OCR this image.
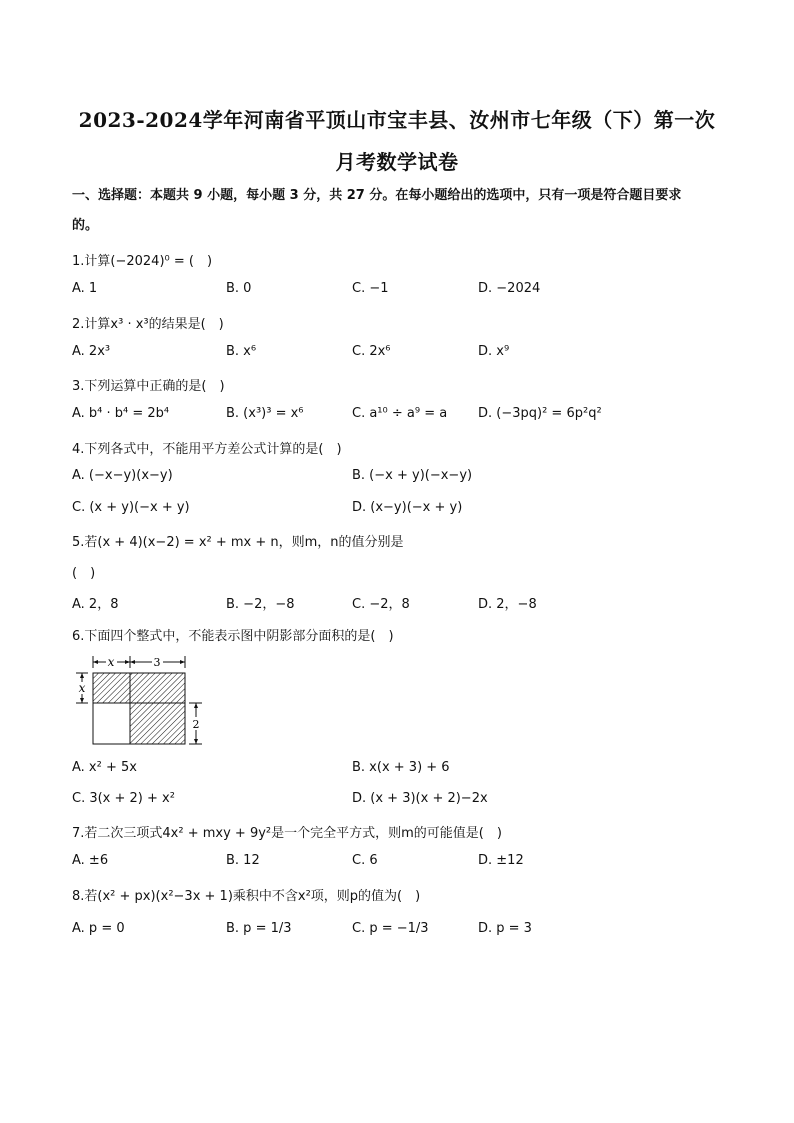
2023-2024学年河南省平顶山市宝丰县、汝州市七年级（下）第一次
月考数学试卷
一、选择题：本题共 9 小题，每小题 3 分，共 27 分。在每小题给出的选项中，只有一项是符合题目要求
的。
1.计算(−2024)⁰ = (　)
A. 1	B. 0	C. −1	D. −2024
2.计算x³ · x³的结果是(　)
A. 2x³	B. x⁶	C. 2x⁶	D. x⁹
3.下列运算中正确的是(　)
A. b⁴ · b⁴ = 2b⁴	B. (x³)³ = x⁶	C. a¹⁰ ÷ a⁹ = a D. (−3pq)² = 6p²q²
4.下列各式中，不能用平方差公式计算的是(　)
A. (−x−y)(x−y)	B. (−x + y)(−x−y)
C. (x + y)(−x + y)	D. (x−y)(−x + y)
5.若(x + 4)(x−2) = x² + mx + n，则m，n的值分别是
(　)
A. 2，8	B. −2，−8	C. −2，8	D. 2，−8
6.下面四个整式中，不能表示图中阴影部分面积的是(　)
x	3
x
2
A. x² + 5x	B. x(x + 3) + 6
C. 3(x + 2) + x²	D. (x + 3)(x + 2)−2x
7.若二次三项式4x² + mxy + 9y²是一个完全平方式，则m的可能值是(　)
A. ±6	B. 12	C. 6	D. ±12
8.若(x² + px)(x²−3x + 1)乘积中不含x²项，则p的值为(　)
A. p = 0	B. p = 1/3	C. p = −1/3	D. p = 3
